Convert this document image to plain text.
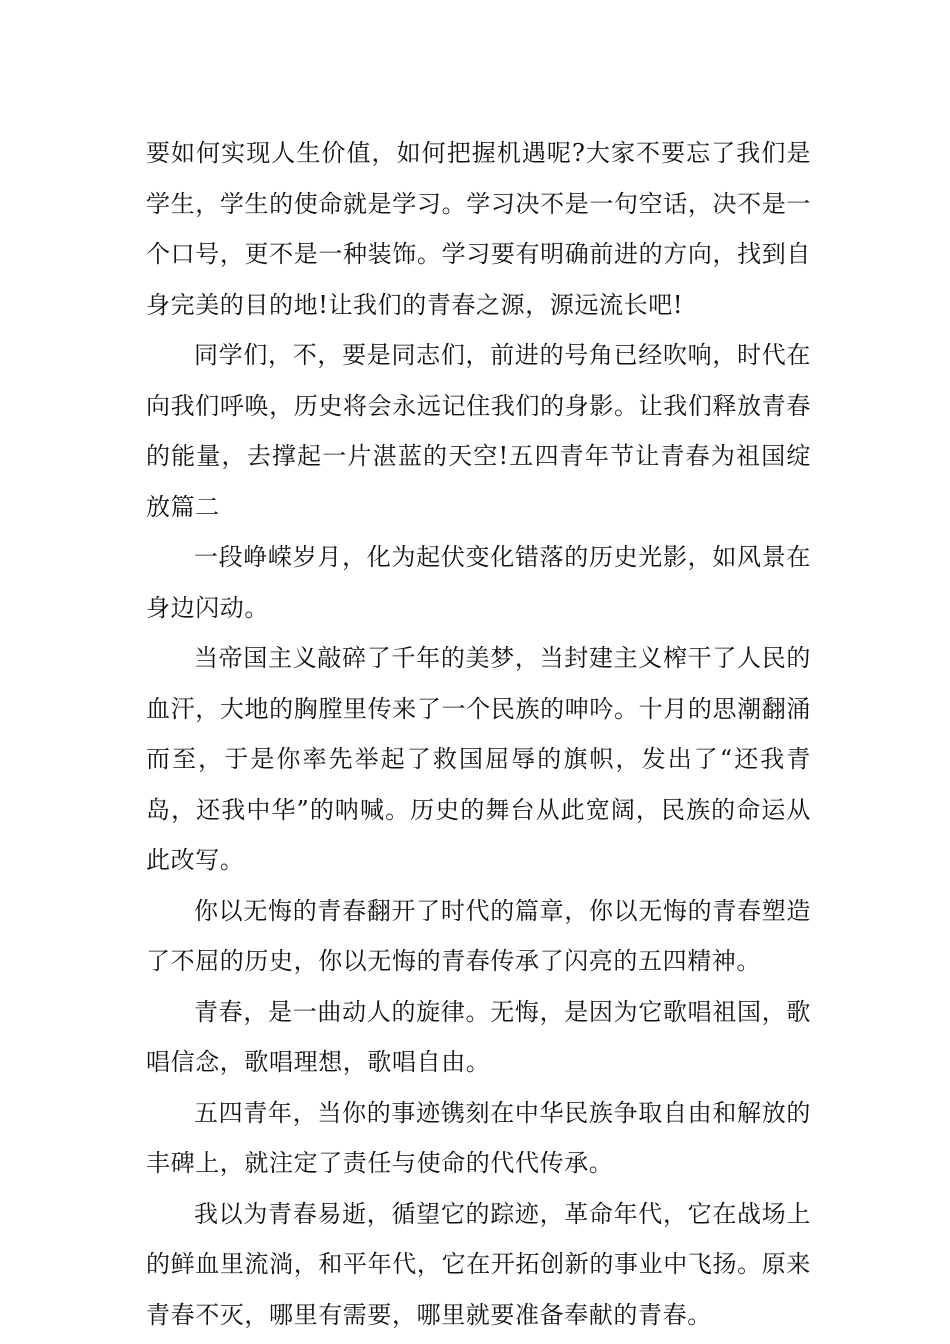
要如何实现人生价值，如何把握机遇呢?大家不要忘了我们是学生，学生的使命就是学习。学习决不是一句空话，决不是一个口号，更不是一种装饰。学习要有明确前进的方向，找到自身完美的目的地!让我们的青春之源，源远流长吧!

同学们，不，要是同志们，前进的号角已经吹响，时代在向我们呼唤，历史将会永远记住我们的身影。让我们释放青春的能量，去撑起一片湛蓝的天空!五四青年节让青春为祖国绽放篇二

一段峥嵘岁月，化为起伏变化错落的历史光影，如风景在身边闪动。

当帝国主义敲碎了千年的美梦，当封建主义榨干了人民的血汗，大地的胸膛里传来了一个民族的呻吟。十月的思潮翻涌而至，于是你率先举起了救国屈辱的旗帜，发出了“还我青岛，还我中华”的呐喊。历史的舞台从此宽阔，民族的命运从此改写。

你以无悔的青春翻开了时代的篇章，你以无悔的青春塑造了不屈的历史，你以无悔的青春传承了闪亮的五四精神。

青春，是一曲动人的旋律。无悔，是因为它歌唱祖国，歌唱信念，歌唱理想，歌唱自由。

五四青年，当你的事迹镌刻在中华民族争取自由和解放的丰碑上，就注定了责任与使命的代代传承。

我以为青春易逝，循望它的踪迹，革命年代，它在战场上的鲜血里流淌，和平年代，它在开拓创新的事业中飞扬。原来青春不灭，哪里有需要，哪里就要准备奉献的青春。
